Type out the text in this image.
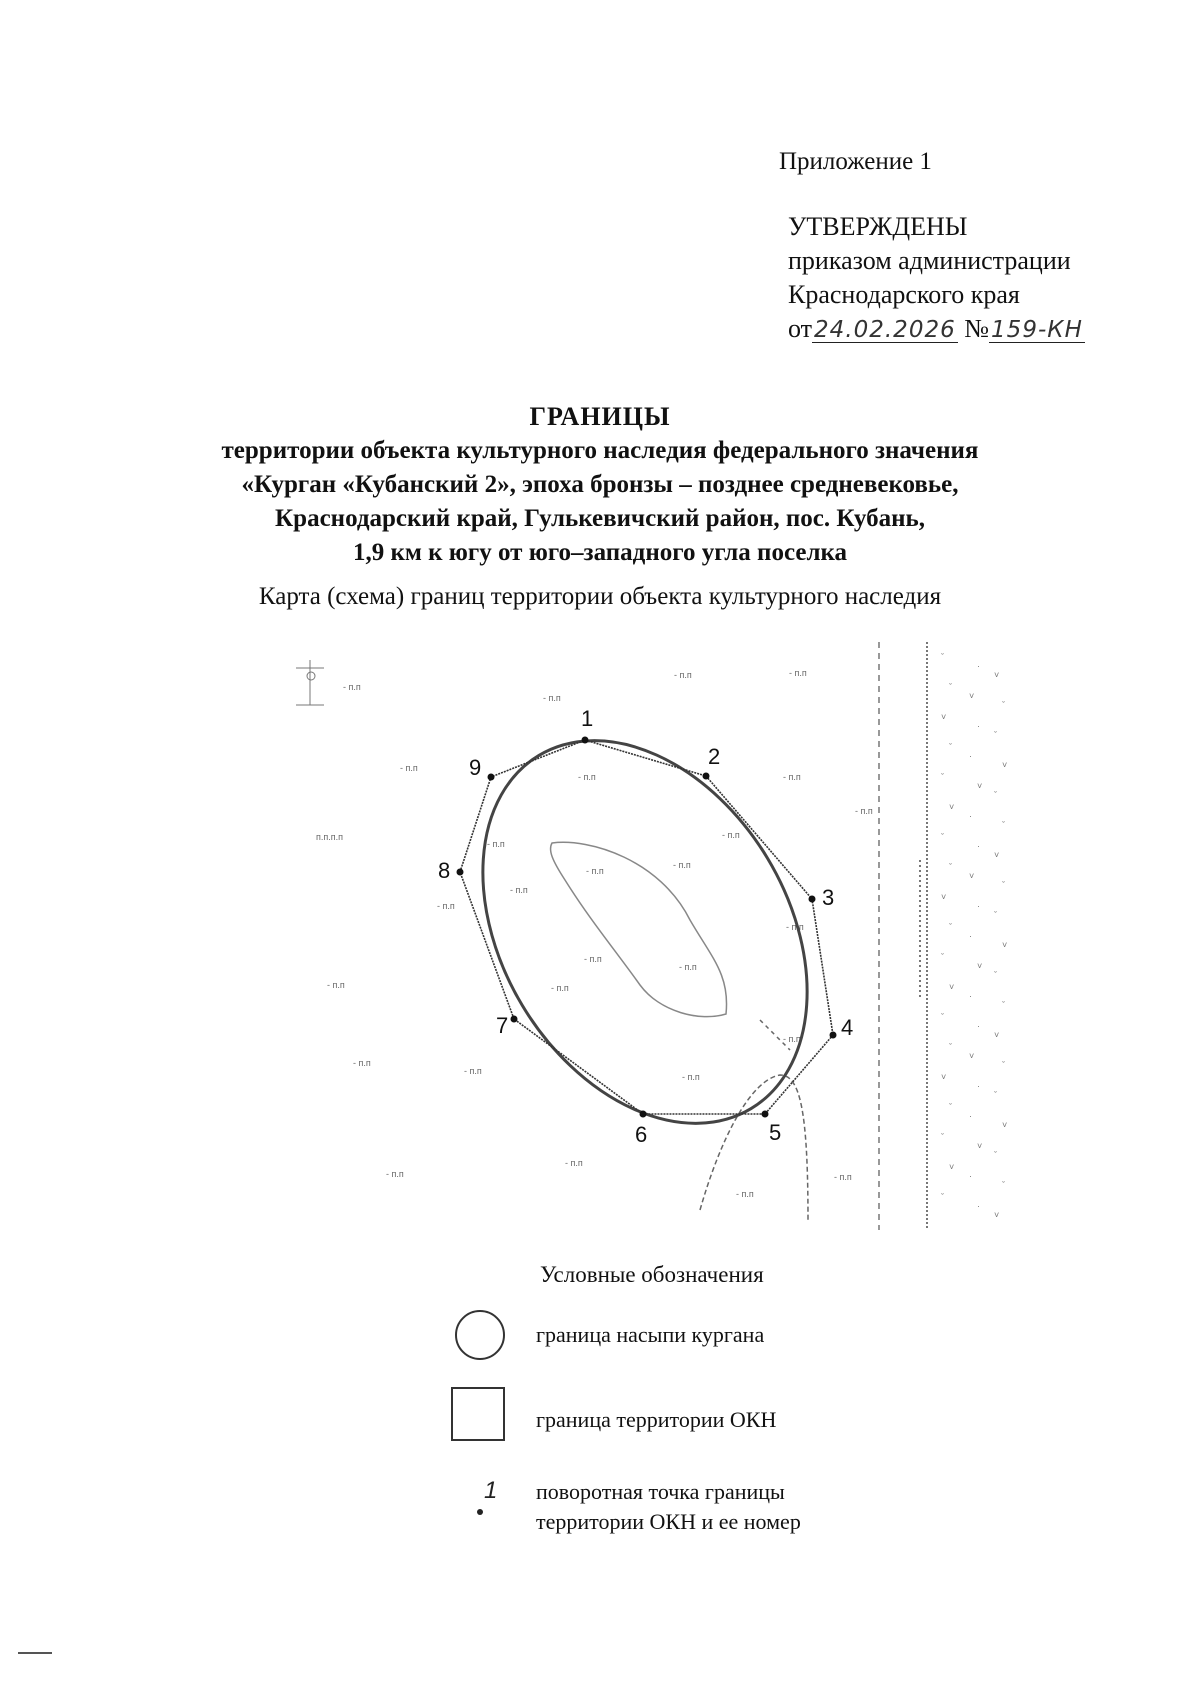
Приложение 1
УТВЕРЖДЕНЫ
приказом администрации
Краснодарского края
от24.02.2026 №159-КН
ГРАНИЦЫ
территории объекта культурного наследия федерального значения
«Курган «Кубанский 2», эпоха бронзы – позднее средневековье,
Краснодарский край, Гулькевичский район, пос. Кубань,
1,9 км к югу от юго–западного угла поселка
Карта (схема) границ территории объекта культурного наследия
- п.п
- п.п
- п.п	- п.п
- п.п
- п.п
- п.п
п.п.п.п
- п.п
- п.п
- п.п
- п.п
- п.п
- п.п
- п.п
- п.п
- п.п
- п.п
- п.п
- п.п
- п.п
- п.п
- п.п
- п.п
- п.п
- п.п
- п.п
- п.п
ˇ
·
˅
ˇ
˅
ˇ
˅
·
ˇ
ˇ
·
˅
ˇ
˅
ˇ
˅
·
ˇ
ˇ
·
˅
ˇ
˅
ˇ
˅
·
ˇ
ˇ
·
˅
ˇ
˅
ˇ
˅
·
ˇ
ˇ
·
˅
ˇ
˅
ˇ
˅
·
ˇ
ˇ
·
˅
ˇ
˅
ˇ
˅
·
ˇ
ˇ
·
˅
1
2
3
4
5
6
7
8
9
Условные обозначения
граница насыпи кургана
граница территории ОКН
1 поворотная точка границы
территории ОКН и ее номер
